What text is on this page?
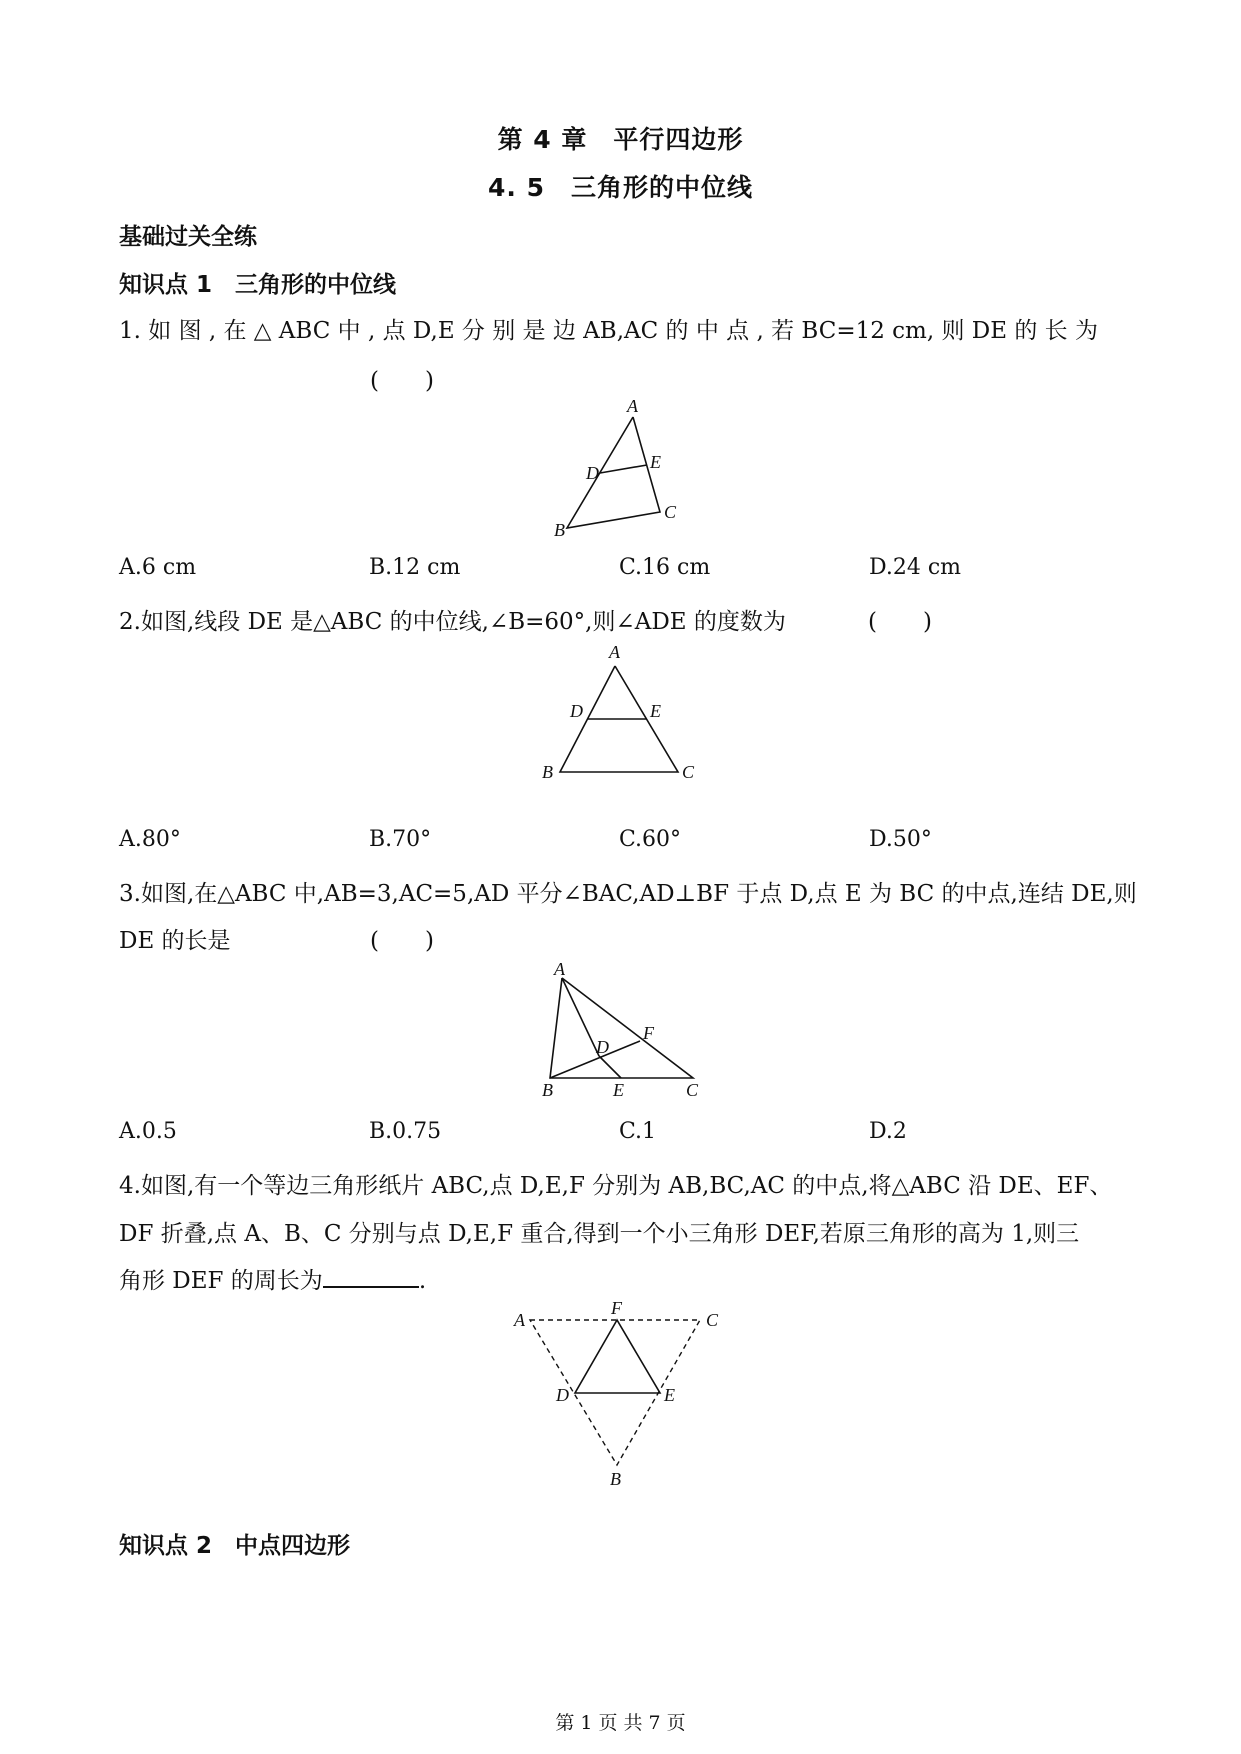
第 4 章　平行四边形
4. 5　三角形的中位线
基础过关全练
知识点 1　三角形的中位线
1. 如 图 , 在 △ ABC 中 , 点 D,E 分 别 是 边 AB,AC 的 中 点 , 若 BC=12 cm, 则 DE 的 长 为
(　　)
A
D
E
B
C
A.6 cm	B.12 cm	C.16 cm	D.24 cm
2.如图,线段 DE 是△ABC 的中位线,∠B=60°,则∠ADE 的度数为	(　　)
A
D	E
B	C
A.80°	B.70°	C.60°	D.50°
3.如图,在△ABC 中,AB=3,AC=5,AD 平分∠BAC,AD⊥BF 于点 D,点 E 为 BC 的中点,连结 DE,则
DE 的长是	(　　)
A
F
D
B	E	C
A.0.5	B.0.75	C.1	D.2
4.如图,有一个等边三角形纸片 ABC,点 D,E,F 分别为 AB,BC,AC 的中点,将△ABC 沿 DE、EF、
DF 折叠,点 A、B、C 分别与点 D,E,F 重合,得到一个小三角形 DEF,若原三角形的高为 1,则三
角形 DEF 的周长为	.
A
F
C
D	E
B
知识点 2　中点四边形
第 1 页 共 7 页
